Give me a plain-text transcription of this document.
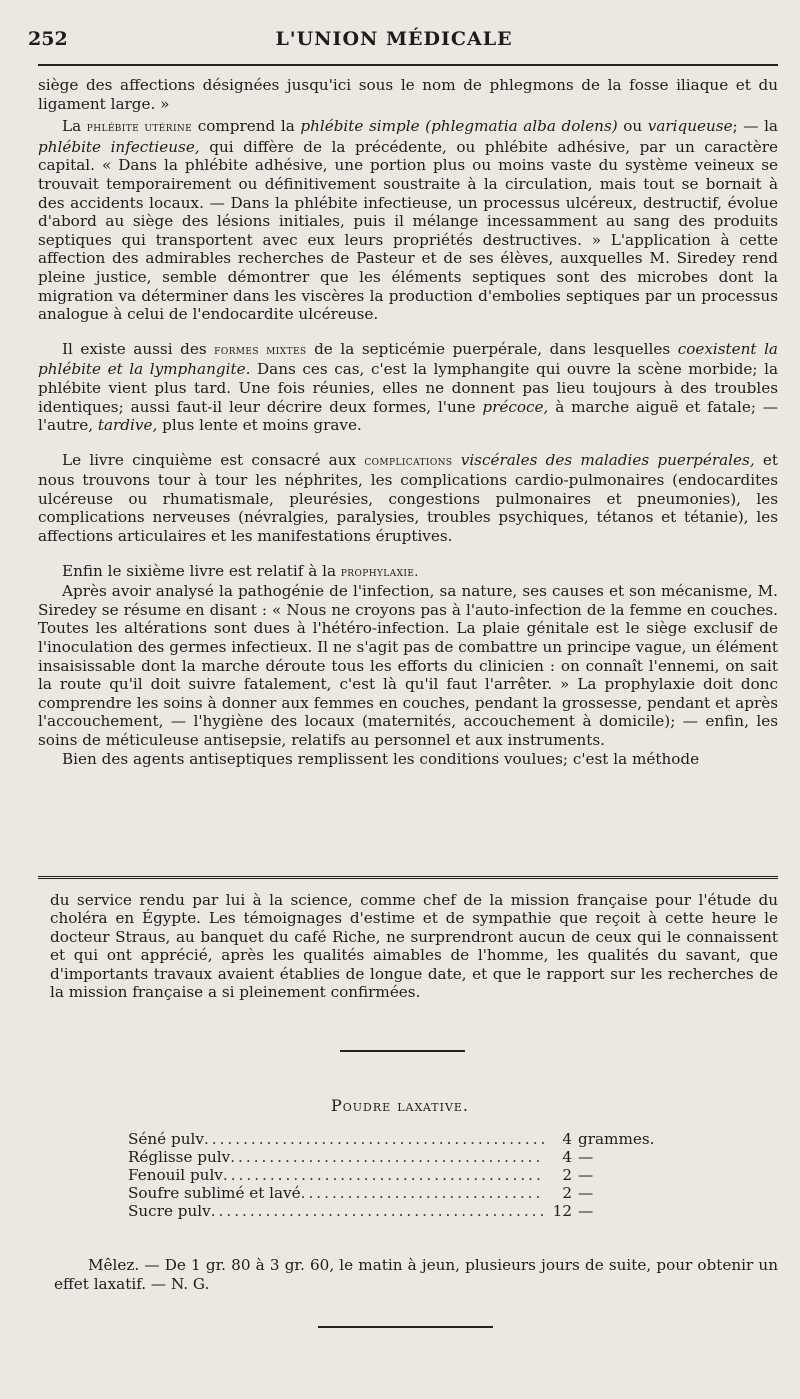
252	L'UNION MÉDICALE

siège des affections désignées jusqu'ici sous le nom de phlegmons de la fosse iliaque et du ligament large. »

La phlébite utérine comprend la phlébite simple (phlegmatia alba dolens) ou variqueuse; — la phlébite infectieuse, qui diffère de la précédente, ou phlébite adhésive, par un caractère capital. « Dans la phlébite adhésive, une portion plus ou moins vaste du système veineux se trouvait temporairement ou définitivement soustraite à la circulation, mais tout se bornait à des accidents locaux. — Dans la phlébite infectieuse, un processus ulcéreux, destructif, évolue d'abord au siège des lésions initiales, puis il mélange incessamment au sang des produits septiques qui transportent avec eux leurs propriétés destructives. » L'application à cette affection des admirables recherches de Pasteur et de ses élèves, auxquelles M. Siredey rend pleine justice, semble démontrer que les éléments septiques sont des microbes dont la migration va déterminer dans les viscères la production d'embolies septiques par un processus analogue à celui de l'endocardite ulcéreuse.

Il existe aussi des formes mixtes de la septicémie puerpérale, dans lesquelles coexistent la phlébite et la lymphangite. Dans ces cas, c'est la lymphangite qui ouvre la scène morbide; la phlébite vient plus tard. Une fois réunies, elles ne donnent pas lieu toujours à des troubles identiques; aussi faut-il leur décrire deux formes, l'une précoce, à marche aiguë et fatale; — l'autre, tardive, plus lente et moins grave.

Le livre cinquième est consacré aux complications viscérales des maladies puerpérales, et nous trouvons tour à tour les néphrites, les complications cardio-pulmonaires (endocardites ulcéreuse ou rhumatismale, pleurésies, congestions pulmonaires et pneumonies), les complications nerveuses (névralgies, paralysies, troubles psychiques, tétanos et tétanie), les affections articulaires et les manifestations éruptives.

Enfin le sixième livre est relatif à la prophylaxie.

Après avoir analysé la pathogénie de l'infection, sa nature, ses causes et son mécanisme, M. Siredey se résume en disant : « Nous ne croyons pas à l'auto-infection de la femme en couches. Toutes les altérations sont dues à l'hétéro-infection. La plaie génitale est le siège exclusif de l'inoculation des germes infectieux. Il ne s'agit pas de combattre un principe vague, un élément insaisissable dont la marche déroute tous les efforts du clinicien : on connaît l'ennemi, on sait la route qu'il doit suivre fatalement, c'est là qu'il faut l'arrêter. » La prophylaxie doit donc comprendre les soins à donner aux femmes en couches, pendant la grossesse, pendant et après l'accouchement, — l'hygiène des locaux (maternités, accouchement à domicile); — enfin, les soins de méticuleuse antisepsie, relatifs au personnel et aux instruments.

Bien des agents antiseptiques remplissent les conditions voulues; c'est la méthode

du service rendu par lui à la science, comme chef de la mission française pour l'étude du choléra en Égypte. Les témoignages d'estime et de sympathie que reçoit à cette heure le docteur Straus, au banquet du café Riche, ne surprendront aucun de ceux qui le connaissent et qui ont apprécié, après les qualités aimables de l'homme, les qualités du savant, que d'importants travaux avaient établies de longue date, et que le rapport sur les recherches de la mission française a si pleinement confirmées.

Poudre laxative.
Séné pulv .....	4 grammes.
Réglisse pulv .....	4 —
Fenouil pulv .....	2 —
Soufre sublimé et lavé .....	2 —
Sucre pulv .....	12 —

Mêlez. — De 1 gr. 80 à 3 gr. 60, le matin à jeun, plusieurs jours de suite, pour obtenir un effet laxatif. — N. G.
